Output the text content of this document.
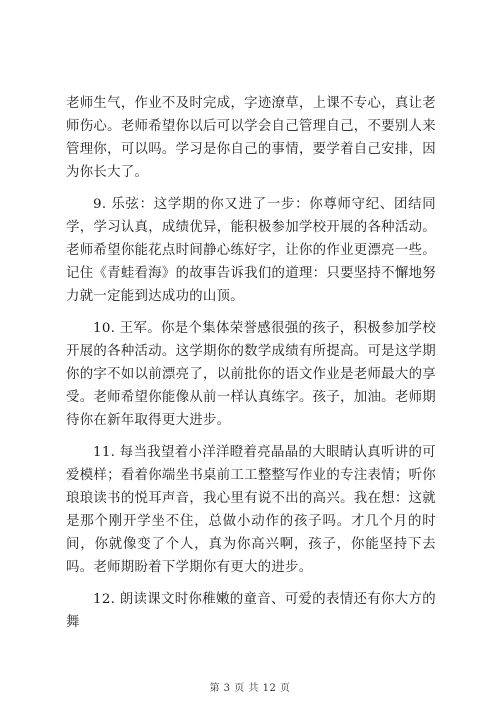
老师生气，作业不及时完成，字迹潦草，上课不专心，真让老师伤心。老师希望你以后可以学会自己管理自己，不要别人来管理你，可以吗。学习是你自己的事情，要学着自己安排，因为你长大了。

9. 乐弦：这学期的你又进了一步：你尊师守纪、团结同学，学习认真，成绩优异，能积极参加学校开展的各种活动。老师希望你能花点时间静心练好字，让你的作业更漂亮一些。记住《青蛙看海》的故事告诉我们的道理：只要坚持不懈地努力就一定能到达成功的山顶。

10. 王军。你是个集体荣誉感很强的孩子，积极参加学校开展的各种活动。这学期你的数学成绩有所提高。可是这学期你的字不如以前漂亮了，以前批你的语文作业是老师最大的享受。老师希望你能像从前一样认真练字。孩子，加油。老师期待你在新年取得更大进步。

11. 每当我望着小洋洋瞪着亮晶晶的大眼睛认真听讲的可爱模样；看着你端坐书桌前工工整整写作业的专注表情；听你琅琅读书的悦耳声音，我心里有说不出的高兴。我在想：这就是那个刚开学坐不住，总做小动作的孩子吗。才几个月的时间，你就像变了个人，真为你高兴啊，孩子，你能坚持下去吗。老师期盼着下学期你有更大的进步。

12. 朗读课文时你稚嫩的童音、可爱的表情还有你大方的舞

第 3 页 共 12 页
